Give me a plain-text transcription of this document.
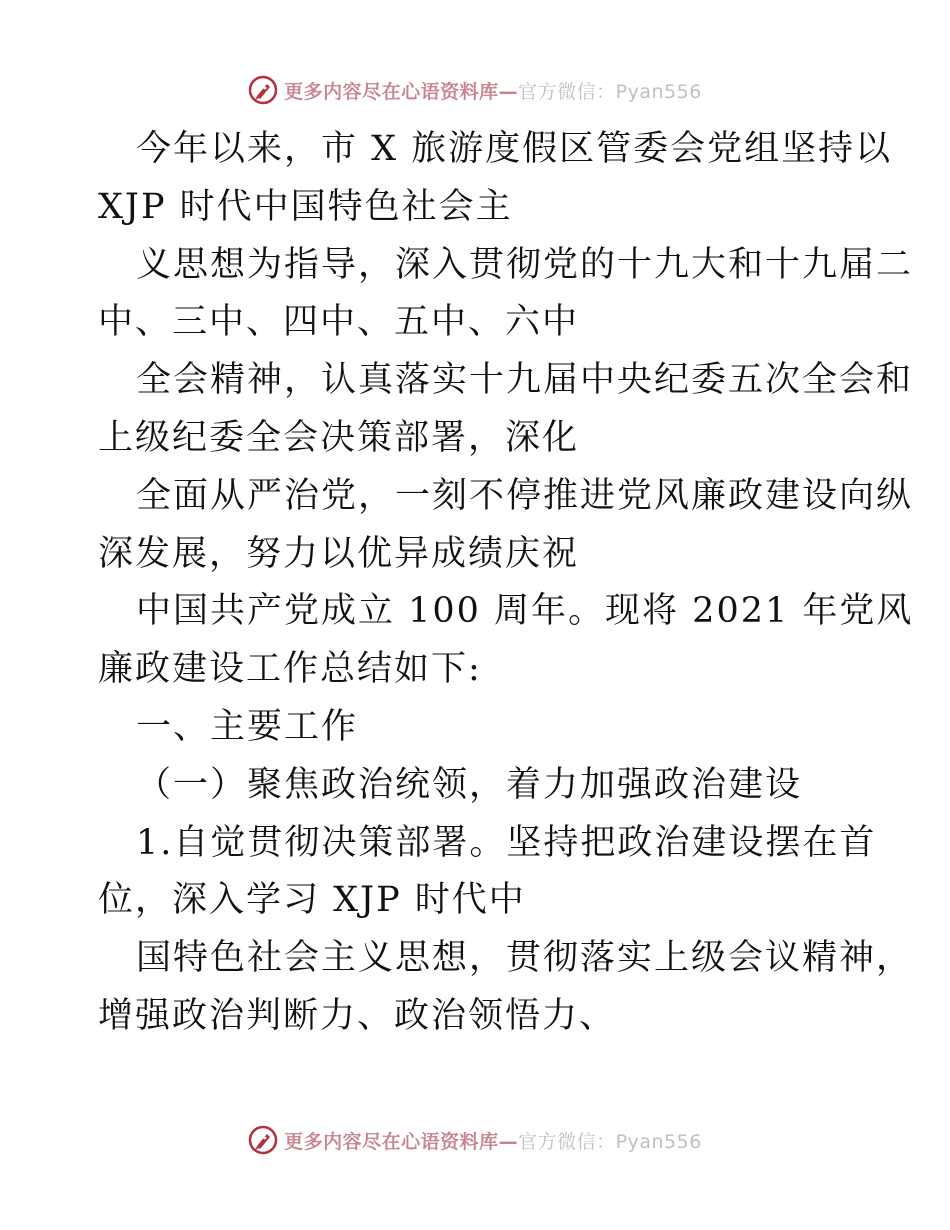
更多内容尽在心语资料库—官方微信：Pyan556
今年以来，市 X 旅游度假区管委会党组坚持以
XJP 时代中国特色社会主
义思想为指导，深入贯彻党的十九大和十九届二
中、三中、四中、五中、六中
全会精神，认真落实十九届中央纪委五次全会和
上级纪委全会决策部署，深化
全面从严治党，一刻不停推进党风廉政建设向纵
深发展，努力以优异成绩庆祝
中国共产党成立 100 周年。现将 2021 年党风
廉政建设工作总结如下:
一、主要工作
（一）聚焦政治统领，着力加强政治建设
1.自觉贯彻决策部署。坚持把政治建设摆在首
位，深入学习 XJP 时代中
国特色社会主义思想，贯彻落实上级会议精神，
增强政治判断力、政治领悟力、
更多内容尽在心语资料库—官方微信：Pyan556
